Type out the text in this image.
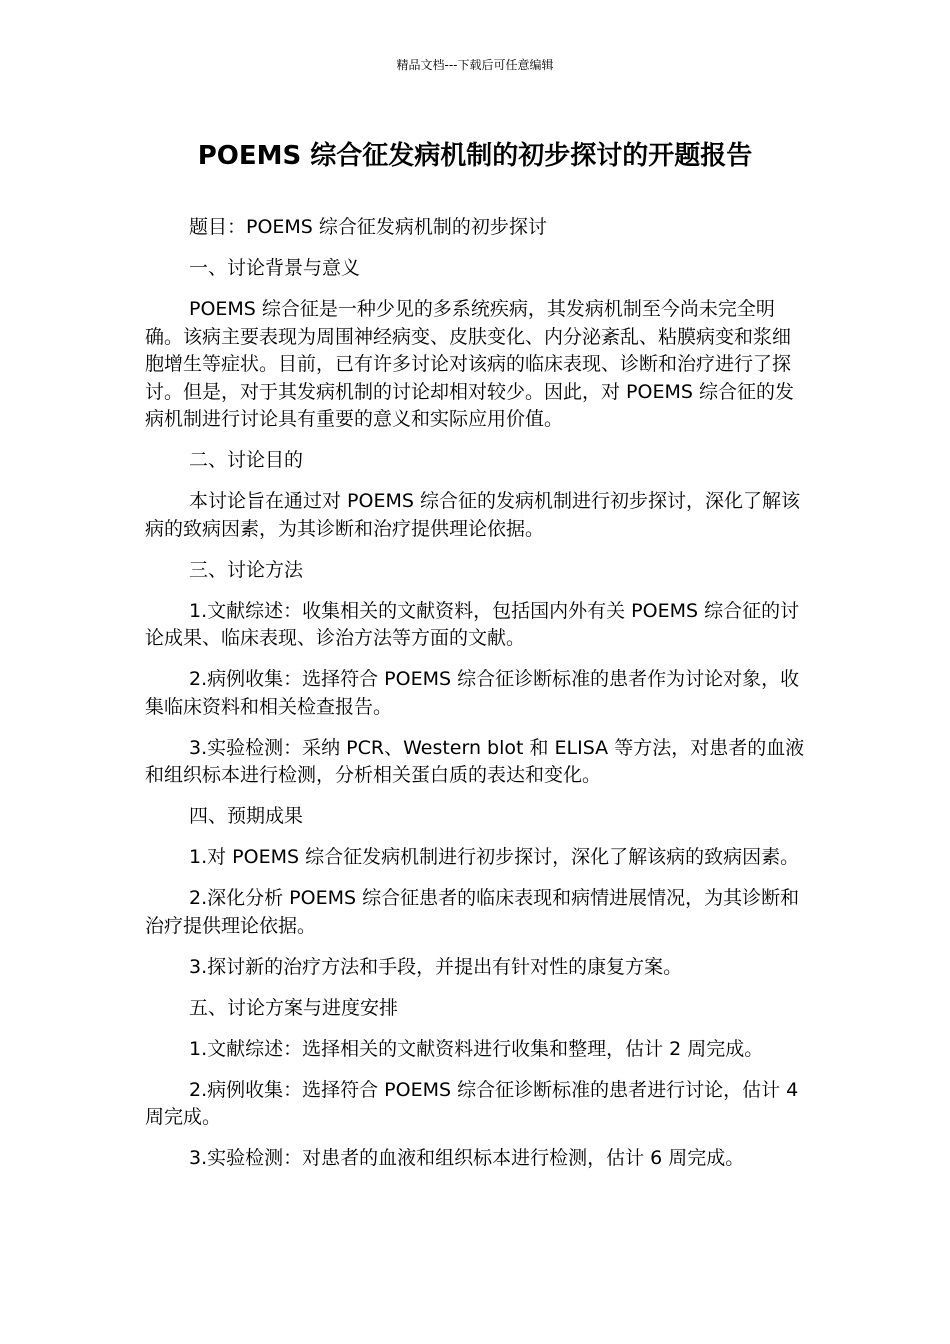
精品文档---下载后可任意编辑
POEMS 综合征发病机制的初步探讨的开题报告

题目：POEMS 综合征发病机制的初步探讨

一、讨论背景与意义

POEMS 综合征是一种少见的多系统疾病，其发病机制至今尚未完全明确。该病主要表现为周围神经病变、皮肤变化、内分泌紊乱、粘膜病变和浆细胞增生等症状。目前，已有许多讨论对该病的临床表现、诊断和治疗进行了探讨。但是，对于其发病机制的讨论却相对较少。因此，对 POEMS 综合征的发病机制进行讨论具有重要的意义和实际应用价值。

二、讨论目的

本讨论旨在通过对 POEMS 综合征的发病机制进行初步探讨，深化了解该病的致病因素，为其诊断和治疗提供理论依据。

三、讨论方法

1.文献综述：收集相关的文献资料，包括国内外有关 POEMS 综合征的讨论成果、临床表现、诊治方法等方面的文献。

2.病例收集：选择符合 POEMS 综合征诊断标准的患者作为讨论对象，收集临床资料和相关检查报告。

3.实验检测：采纳 PCR、Western blot 和 ELISA 等方法，对患者的血液和组织标本进行检测，分析相关蛋白质的表达和变化。

四、预期成果

1.对 POEMS 综合征发病机制进行初步探讨，深化了解该病的致病因素。

2.深化分析 POEMS 综合征患者的临床表现和病情进展情况，为其诊断和治疗提供理论依据。

3.探讨新的治疗方法和手段，并提出有针对性的康复方案。

五、讨论方案与进度安排

1.文献综述：选择相关的文献资料进行收集和整理，估计 2 周完成。

2.病例收集：选择符合 POEMS 综合征诊断标准的患者进行讨论，估计 4 周完成。

3.实验检测：对患者的血液和组织标本进行检测，估计 6 周完成。
